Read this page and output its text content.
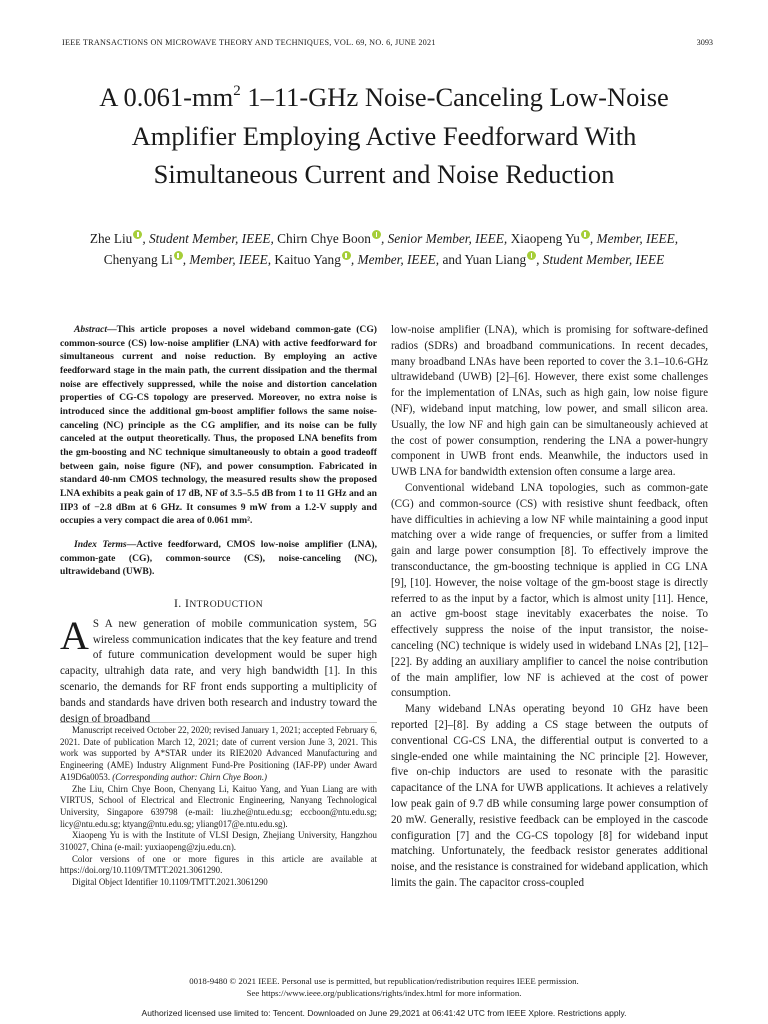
IEEE TRANSACTIONS ON MICROWAVE THEORY AND TECHNIQUES, VOL. 69, NO. 6, JUNE 2021	3093
A $0.061-mm^2$ 1–11-GHz Noise-Canceling Low-Noise Amplifier Employing Active Feedforward With Simultaneous Current and Noise Reduction
Zhe Liu , Student Member, IEEE, Chirn Chye Boon , Senior Member, IEEE, Xiaopeng Yu , Member, IEEE,
Chenyang Li , Member, IEEE, Kaituo Yang , Member, IEEE, and Yuan Liang , Student Member, IEEE

Abstract—This article proposes a novel wideband common-gate (CG) common-source (CS) low-noise amplifier (LNA) with active feedforward for simultaneous current and noise reduction. By employing an active feedforward stage in the main path, the current dissipation and the thermal noise are effectively suppressed, while the noise and distortion cancelation properties of CG-CS topology are preserved. Moreover, no extra noise is introduced since the additional gm-boost amplifier follows the same noise-canceling (NC) principle as the CG amplifier, and its noise can be fully canceled at the output theoretically. Thus, the proposed LNA benefits from the gm-boosting and NC technique simultaneously to obtain a good tradeoff between gain, noise figure (NF), and power consumption. Fabricated in standard 40-nm CMOS technology, the measured results show the proposed LNA exhibits a peak gain of 17 dB, NF of 3.5–5.5 dB from 1 to 11 GHz and an IIP3 of −2.8 dBm at 6 GHz. It consumes 9 mW from a 1.2-V supply and occupies a very compact die area of 0.061 mm².

Index Terms—Active feedforward, CMOS low-noise amplifier (LNA), common-gate (CG), common-source (CS), noise-canceling (NC), ultrawideband (UWB).

I. INTRODUCTION

A S A new generation of mobile communication system, 5G wireless communication indicates that the key feature and trend of future communication development would be super high capacity, ultrahigh data rate, and very high bandwidth [1]. In this scenario, the demands for RF front ends supporting a multiplicity of bands and standards have driven both research and industry toward the design of broadband

Manuscript received October 22, 2020; revised January 1, 2021; accepted February 6, 2021. Date of publication March 12, 2021; date of current version June 3, 2021. This work was supported by A*STAR under its RIE2020 Advanced Manufacturing and Engineering (AME) Industry Alignment Fund-Pre Positioning (IAF-PP) under Award A19D6a0053. (Corresponding author: Chirn Chye Boon.)

Zhe Liu, Chirn Chye Boon, Chenyang Li, Kaituo Yang, and Yuan Liang are with VIRTUS, School of Electrical and Electronic Engineering, Nanyang Technological University, Singapore 639798 (e-mail: liu.zhe@ntu.edu.sg; eccboon@ntu.edu.sg; licy@ntu.edu.sg; ktyang@ntu.edu.sg; yliang017@e.ntu.edu.sg).

Xiaopeng Yu is with the Institute of VLSI Design, Zhejiang University, Hangzhou 310027, China (e-mail: yuxiaopeng@zju.edu.cn).

Color versions of one or more figures in this article are available at https://doi.org/10.1109/TMTT.2021.3061290.

Digital Object Identifier 10.1109/TMTT.2021.3061290

low-noise amplifier (LNA), which is promising for software-defined radios (SDRs) and broadband communications. In recent decades, many broadband LNAs have been reported to cover the 3.1–10.6-GHz ultrawideband (UWB) [2]–[6]. However, there exist some challenges for the implementation of LNAs, such as high gain, low noise figure (NF), wideband input matching, low power, and small silicon area. Usually, the low NF and high gain can be simultaneously achieved at the cost of power consumption, rendering the LNA a power-hungry component in UWB front ends. Meanwhile, the inductors used in UWB LNA for bandwidth extension often consume a large area.

Conventional wideband LNA topologies, such as common-gate (CG) and common-source (CS) with resistive shunt feedback, often have difficulties in achieving a low NF while maintaining a good input matching over a wide range of frequencies, or suffer from a limited gain and large power consumption [8]. To effectively improve the transconductance, the gm-boosting technique is applied in CG LNA [9], [10]. However, the noise voltage of the gm-boost stage is directly referred to as the input by a factor, which is almost unity [11]. Hence, an active gm-boost stage inevitably exacerbates the noise. To effectively suppress the noise of the input transistor, the noise-canceling (NC) technique is widely used in wideband LNAs [2], [12]–[22]. By adding an auxiliary amplifier to cancel the noise contribution of the main amplifier, low NF is achieved at the cost of power consumption.

Many wideband LNAs operating beyond 10 GHz have been reported [2]–[8]. By adding a CS stage between the outputs of conventional CG-CS LNA, the differential output is converted to a single-ended one while maintaining the NC principle [2]. However, five on-chip inductors are used to resonate with the parasitic capacitance of the LNA for UWB applications. It achieves a relatively low peak gain of 9.7 dB while consuming large power consumption of 20 mW. Generally, resistive feedback can be employed in the cascode configuration [7] and the CG-CS topology [8] for wideband input matching. Unfortunately, the feedback resistor generates additional noise, and the resistance is constrained for wideband application, which limits the gain. The capacitor cross-coupled

0018-9480 © 2021 IEEE. Personal use is permitted, but republication/redistribution requires IEEE permission.
See https://www.ieee.org/publications/rights/index.html for more information.
Authorized licensed use limited to: Tencent. Downloaded on June 29,2021 at 06:41:42 UTC from IEEE Xplore. Restrictions apply.
